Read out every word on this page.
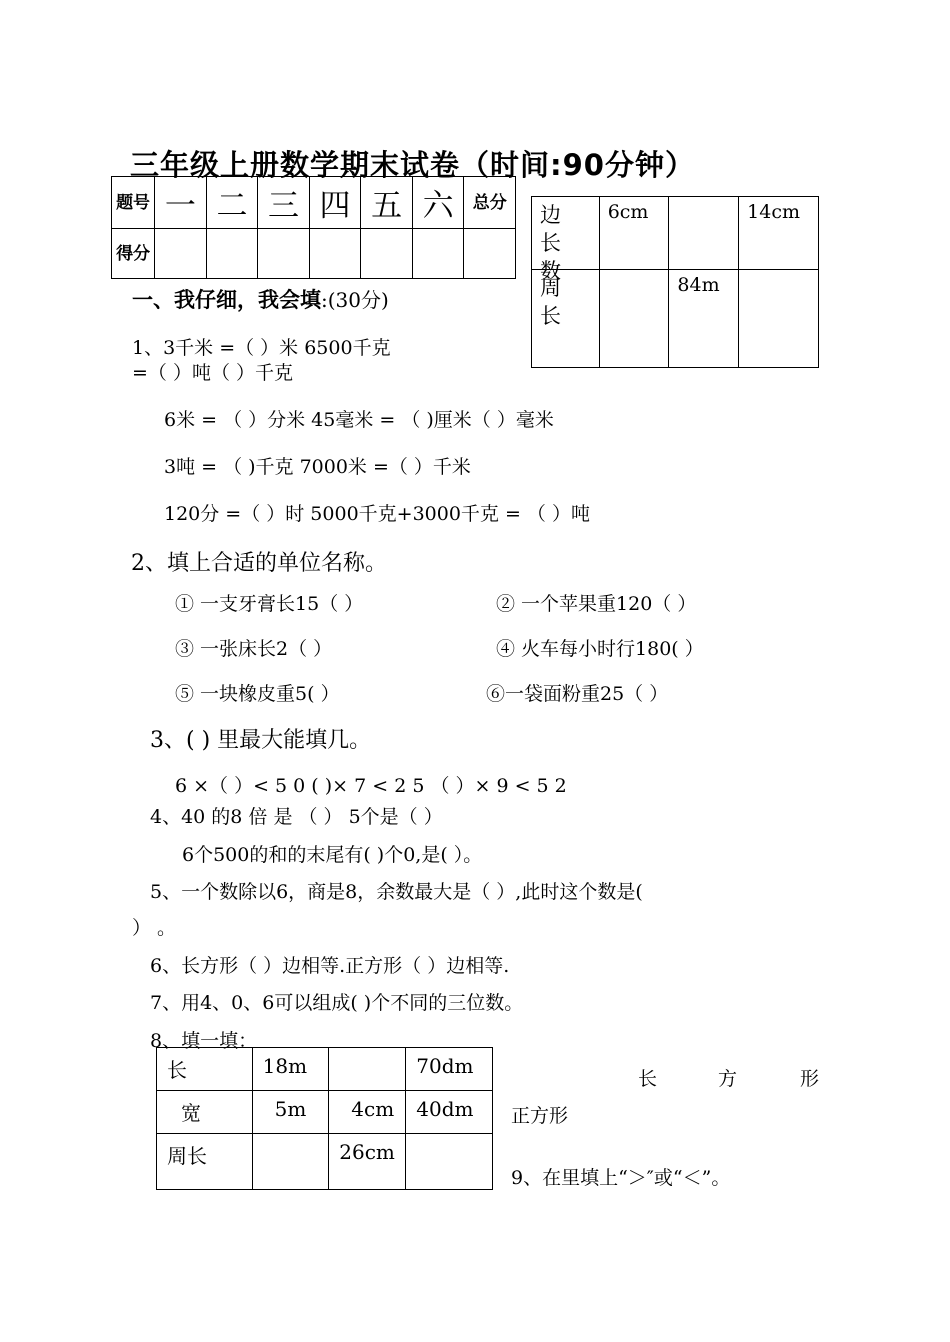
三年级上册数学期末试卷（时间:90分钟）
题号	一	二	三	四	五	六	总分
得分							
边长数	6cm		14cm

周长		84m	
一、我仔细，我会填:(30分)
1、3千米 =（ ）米 6500千克
=（ ）吨（ ）千克
6米 = （ ）分米 45毫米 = （ )厘米（ ）毫米
3吨 = （ )千克 7000米 =（ ）千米
120分 =（ ）时 5000千克+3000千克 = （ ）吨
2、填上合适的单位名称。
① 一支牙膏长15（ ）	② 一个苹果重120（ ）
③ 一张床长2（ ）	④ 火车每小时行180( ）
⑤ 一块橡皮重5( ）	⑥一袋面粉重25（ ）
3、( ) 里最大能填几。
6 ×（ ）< 5 0 ( )× 7 < 2 5 （ ）× 9 < 5 2
4、40 的8 倍 是 （ ） 5个是（ ）
6个500的和的末尾有( )个0,是( ）。
5、一个数除以6，商是8，余数最大是（ ）,此时这个数是(
） 。
6、长方形（ ）边相等.正方形（ ）边相等.
7、用4、0、6可以组成( )个不同的三位数。
8、填一填：
长	18m		70dm
宽	5m	4cm	40dm
周长		26cm	
长	方	形
正方形
9、在里填上“＞″或“＜”。
